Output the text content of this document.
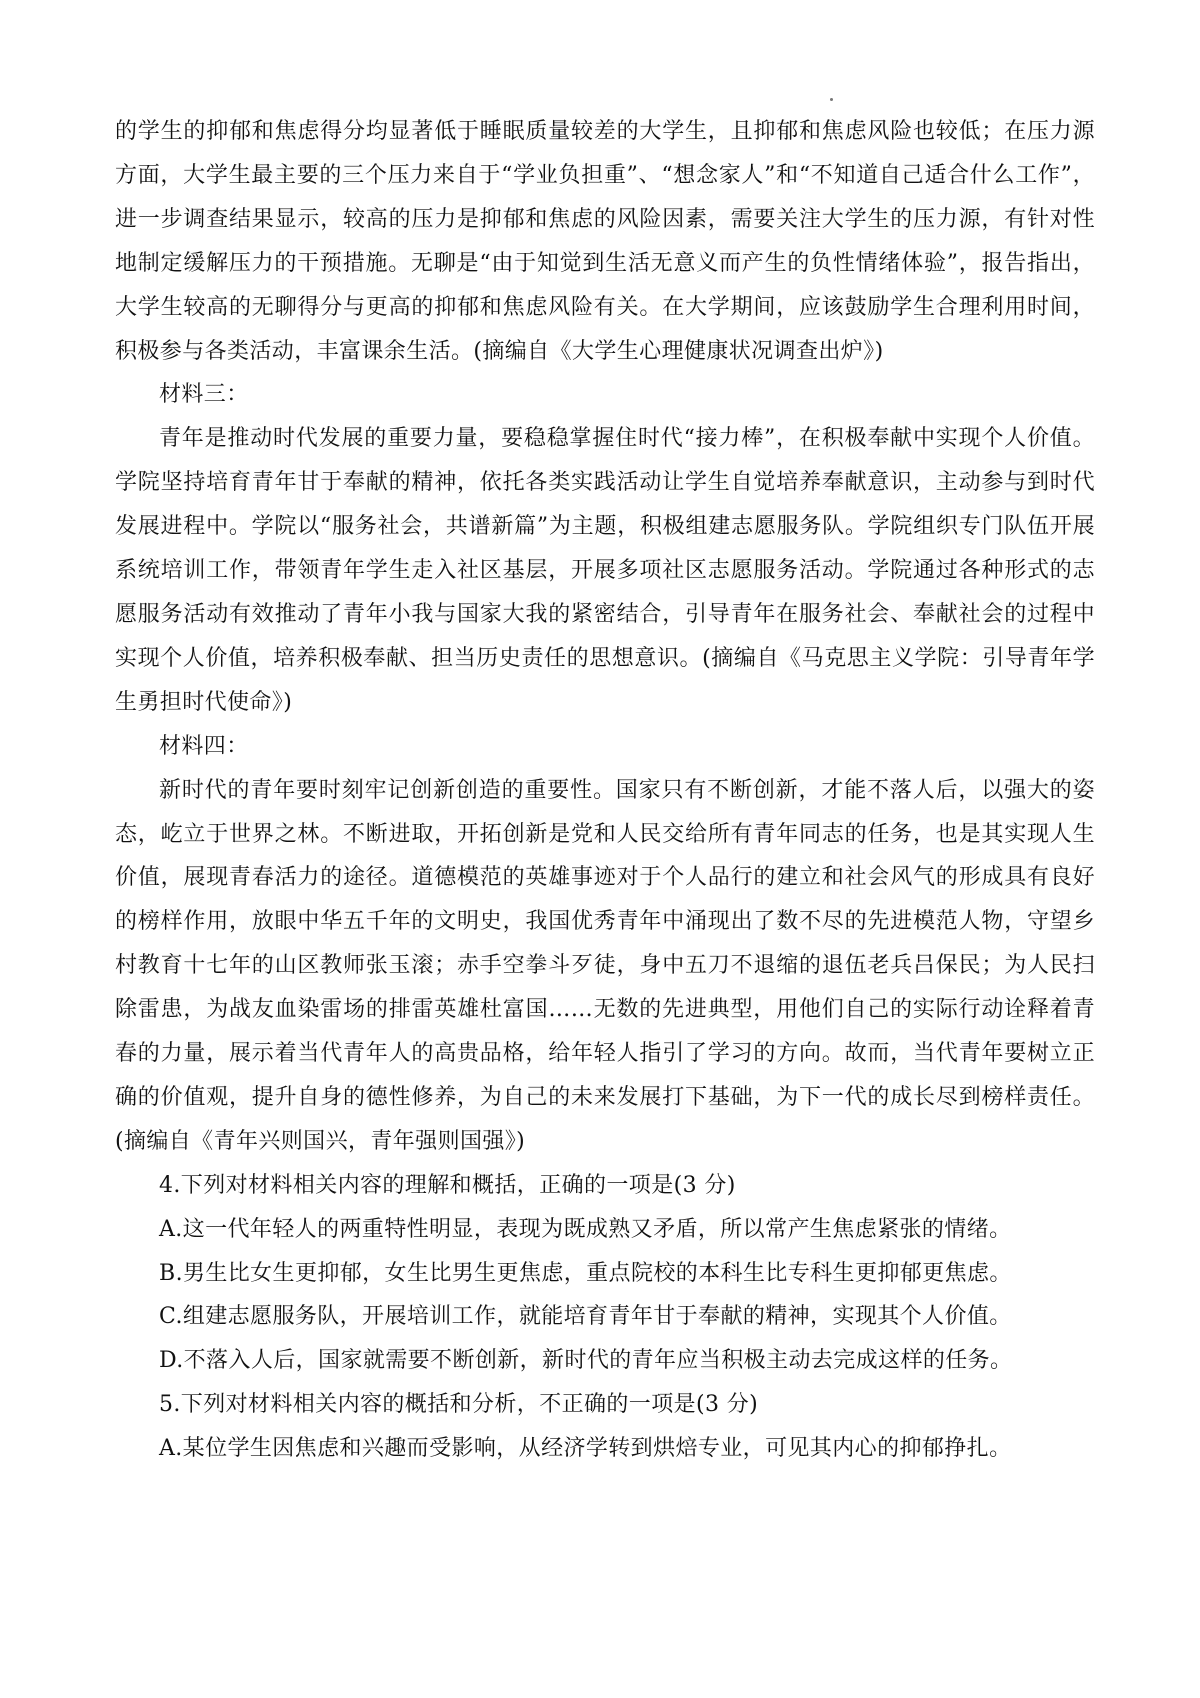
的学生的抑郁和焦虑得分均显著低于睡眠质量较差的大学生，且抑郁和焦虑风险也较低；在压力源方面，大学生最主要的三个压力来自于“学业负担重”、“想念家人”和“不知道自己适合什么工作”，进一步调查结果显示，较高的压力是抑郁和焦虑的风险因素，需要关注大学生的压力源，有针对性地制定缓解压力的干预措施。无聊是“由于知觉到生活无意义而产生的负性情绪体验”，报告指出，大学生较高的无聊得分与更高的抑郁和焦虑风险有关。在大学期间，应该鼓励学生合理利用时间，积极参与各类活动，丰富课余生活。(摘编自《大学生心理健康状况调查出炉》)

材料三：

青年是推动时代发展的重要力量，要稳稳掌握住时代“接力棒”，在积极奉献中实现个人价值。学院坚持培育青年甘于奉献的精神，依托各类实践活动让学生自觉培养奉献意识，主动参与到时代发展进程中。学院以“服务社会，共谱新篇”为主题，积极组建志愿服务队。学院组织专门队伍开展系统培训工作，带领青年学生走入社区基层，开展多项社区志愿服务活动。学院通过各种形式的志愿服务活动有效推动了青年小我与国家大我的紧密结合，引导青年在服务社会、奉献社会的过程中实现个人价值，培养积极奉献、担当历史责任的思想意识。(摘编自《马克思主义学院：引导青年学生勇担时代使命》)

材料四：

新时代的青年要时刻牢记创新创造的重要性。国家只有不断创新，才能不落人后，以强大的姿态，屹立于世界之林。不断进取，开拓创新是党和人民交给所有青年同志的任务，也是其实现人生价值，展现青春活力的途径。道德模范的英雄事迹对于个人品行的建立和社会风气的形成具有良好的榜样作用，放眼中华五千年的文明史，我国优秀青年中涌现出了数不尽的先进模范人物，守望乡村教育十七年的山区教师张玉滚；赤手空拳斗歹徒，身中五刀不退缩的退伍老兵吕保民；为人民扫除雷患，为战友血染雷场的排雷英雄杜富国……无数的先进典型，用他们自己的实际行动诠释着青春的力量，展示着当代青年人的高贵品格，给年轻人指引了学习的方向。故而，当代青年要树立正确的价值观，提升自身的德性修养，为自己的未来发展打下基础，为下一代的成长尽到榜样责任。(摘编自《青年兴则国兴，青年强则国强》)

4.下列对材料相关内容的理解和概括，正确的一项是(3 分)

A.这一代年轻人的两重特性明显，表现为既成熟又矛盾，所以常产生焦虑紧张的情绪。

B.男生比女生更抑郁，女生比男生更焦虑，重点院校的本科生比专科生更抑郁更焦虑。

C.组建志愿服务队，开展培训工作，就能培育青年甘于奉献的精神，实现其个人价值。

D.不落入人后，国家就需要不断创新，新时代的青年应当积极主动去完成这样的任务。

5.下列对材料相关内容的概括和分析，不正确的一项是(3 分)

A.某位学生因焦虑和兴趣而受影响，从经济学转到烘焙专业，可见其内心的抑郁挣扎。
